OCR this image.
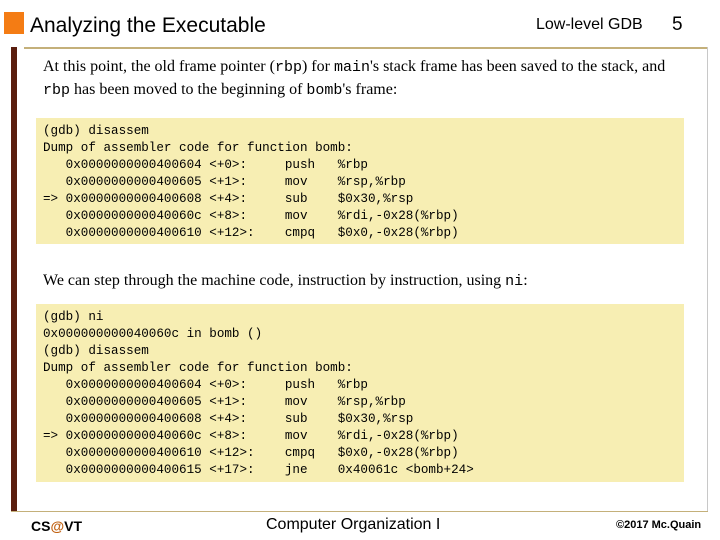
Analyzing the Executable	Low-level GDB 5
At this point, the old frame pointer (rbp) for main's stack frame has been saved to the stack, and rbp has been moved to the beginning of bomb's frame:
(gdb) disassem
Dump of assembler code for function bomb:
0x0000000000400604 <+0>:     push   %rbp
0x0000000000400605 <+1>:     mov    %rsp,%rbp
=> 0x0000000000400608 <+4>:     sub    $0x30,%rsp
0x000000000040060c <+8>:     mov    %rdi,-0x28(%rbp)
0x0000000000400610 <+12>:    cmpq   $0x0,-0x28(%rbp)
We can step through the machine code, instruction by instruction, using ni:
(gdb) ni
0x000000000040060c in bomb ()
(gdb) disassem
Dump of assembler code for function bomb:
0x0000000000400604 <+0>:     push   %rbp
0x0000000000400605 <+1>:     mov    %rsp,%rbp
0x0000000000400608 <+4>:     sub    $0x30,%rsp
=> 0x000000000040060c <+8>:     mov    %rdi,-0x28(%rbp)
0x0000000000400610 <+12>:    cmpq   $0x0,-0x28(%rbp)
0x0000000000400615 <+17>:    jne    0x40061c <bomb+24>
CS@VT	Computer Organization I	©2017 Mc.Quain
